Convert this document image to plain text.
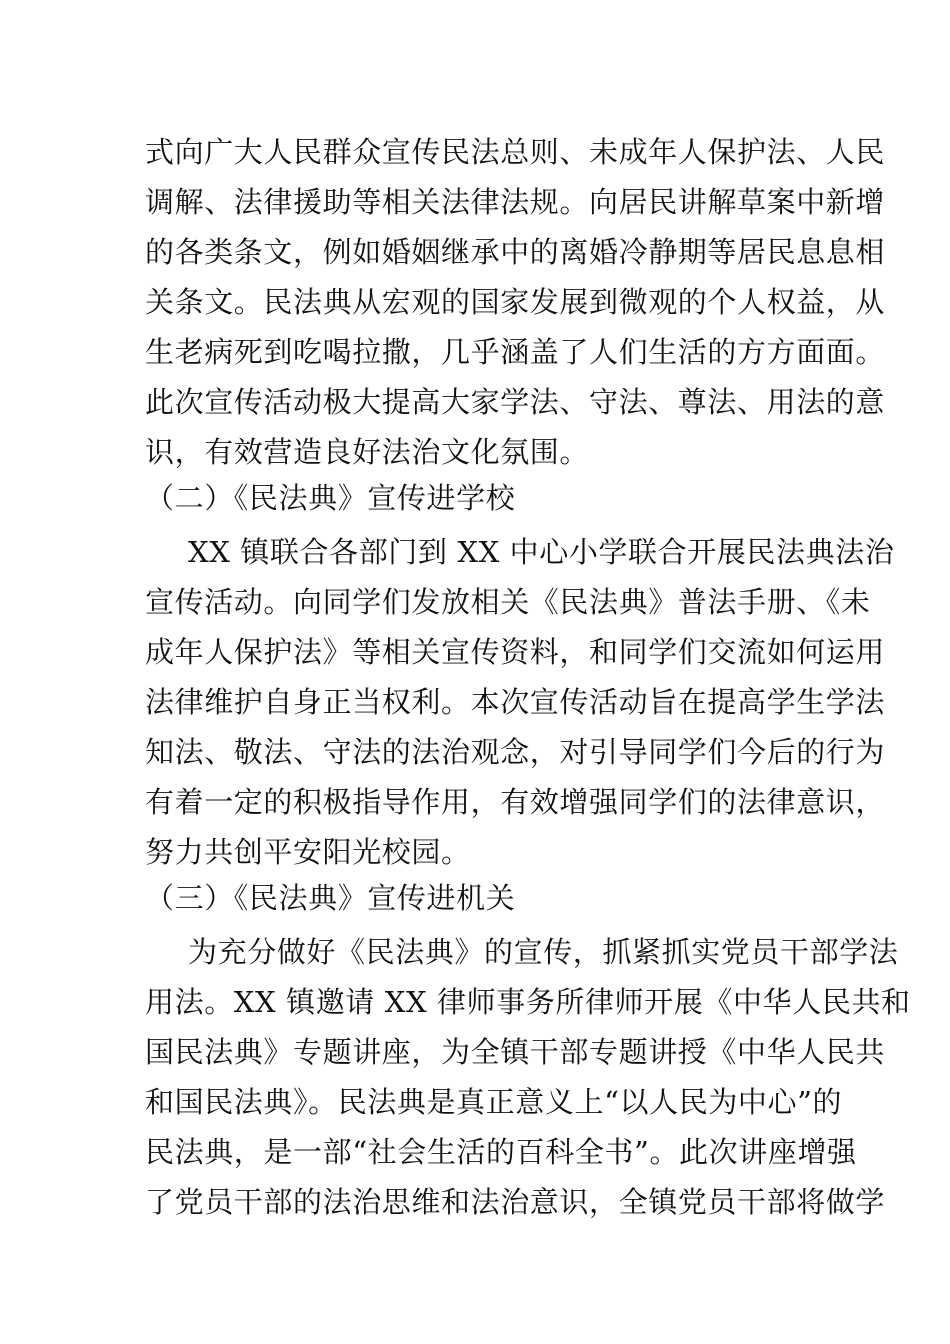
式向广大人民群众宣传民法总则、未成年人保护法、人民
调解、法律援助等相关法律法规。向居民讲解草案中新增
的各类条文，例如婚姻继承中的离婚冷静期等居民息息相
关条文。民法典从宏观的国家发展到微观的个人权益，从
生老病死到吃喝拉撒，几乎涵盖了人们生活的方方面面。
此次宣传活动极大提高大家学法、守法、尊法、用法的意
识，有效营造良好法治文化氛围。
（二）《民法典》宣传进学校
XX 镇联合各部门到 XX 中心小学联合开展民法典法治
宣传活动。向同学们发放相关《民法典》普法手册、《未
成年人保护法》等相关宣传资料，和同学们交流如何运用
法律维护自身正当权利。本次宣传活动旨在提高学生学法
知法、敬法、守法的法治观念，对引导同学们今后的行为
有着一定的积极指导作用，有效增强同学们的法律意识，
努力共创平安阳光校园。
（三）《民法典》宣传进机关
为充分做好《民法典》的宣传，抓紧抓实党员干部学法
用法。XX 镇邀请 XX 律师事务所律师开展《中华人民共和
国民法典》专题讲座，为全镇干部专题讲授《中华人民共
和国民法典》。民法典是真正意义上“以人民为中心”的
民法典，是一部“社会生活的百科全书”。此次讲座增强
了党员干部的法治思维和法治意识，全镇党员干部将做学
